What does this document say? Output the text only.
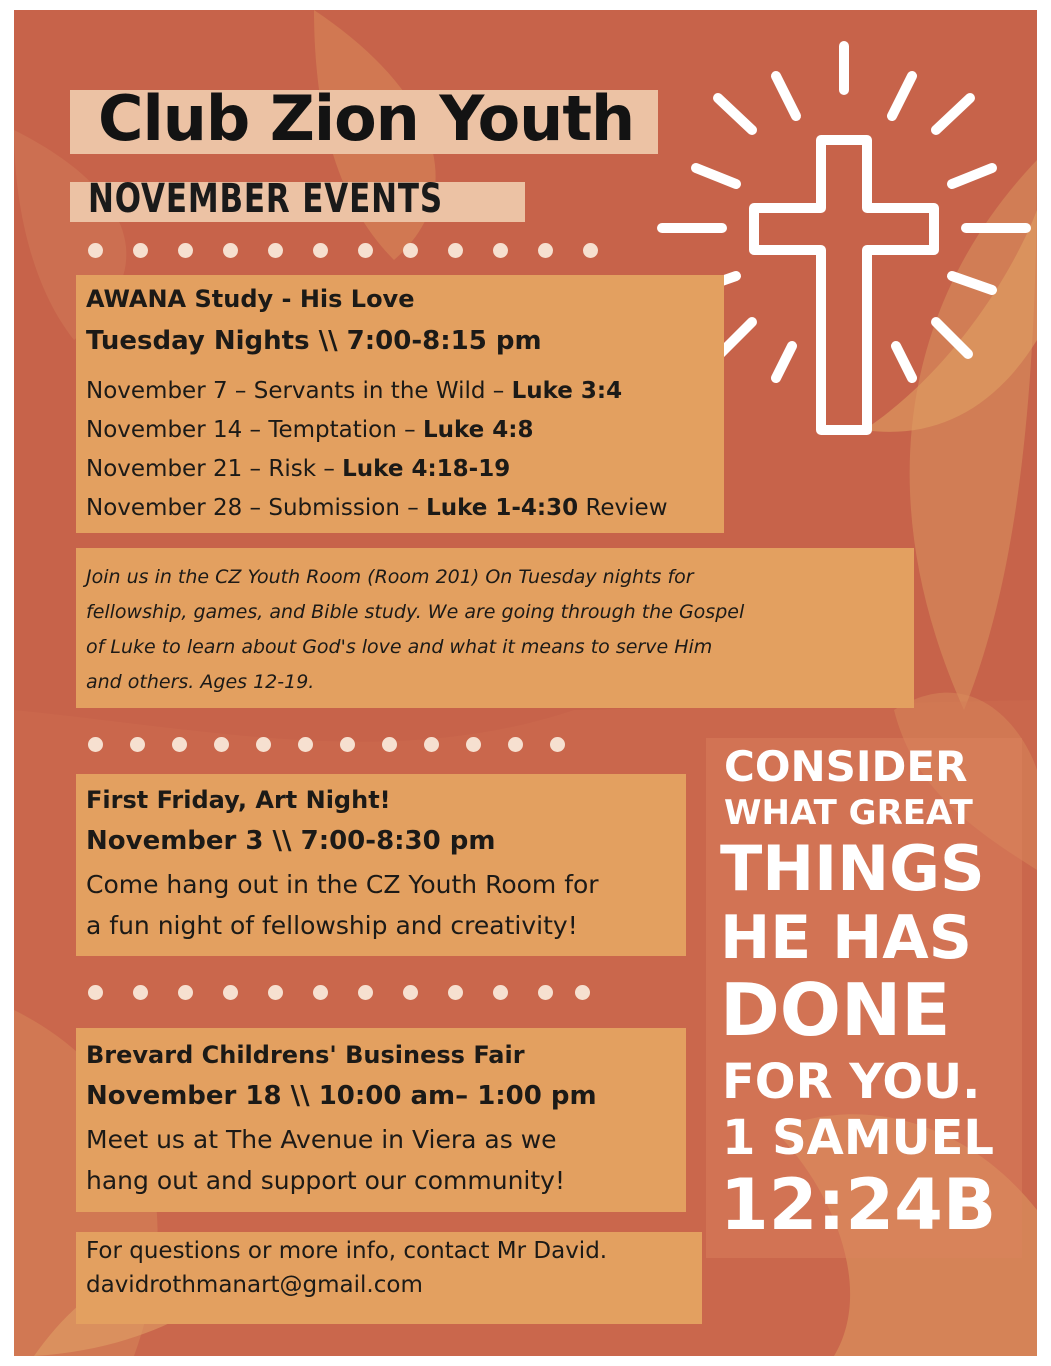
Club Zion Youth
NOVEMBER EVENTS
AWANA Study - His Love
Tuesday Nights \\ 7:00-8:15 pm
November 7 – Servants in the Wild – Luke 3:4
November 14 – Temptation – Luke 4:8
November 21 – Risk – Luke 4:18-19
November 28 – Submission – Luke 1-4:30 Review
Join us in the CZ Youth Room (Room 201) On Tuesday nights for
fellowship, games, and Bible study. We are going through the Gospel
of Luke to learn about God's love and what it means to serve Him
and others. Ages 12-19.
First Friday, Art Night!
November 3 \\ 7:00-8:30 pm
Come hang out in the CZ Youth Room for
a fun night of fellowship and creativity!
Brevard Childrens' Business Fair
November 18 \\ 10:00 am– 1:00 pm
Meet us at The Avenue in Viera as we
hang out and support our community!
For questions or more info, contact Mr David.
davidrothmanart@gmail.com
CONSIDER
WHAT GREAT
THINGS
HE HAS
DONE
FOR YOU.
1 SAMUEL
12:24B
